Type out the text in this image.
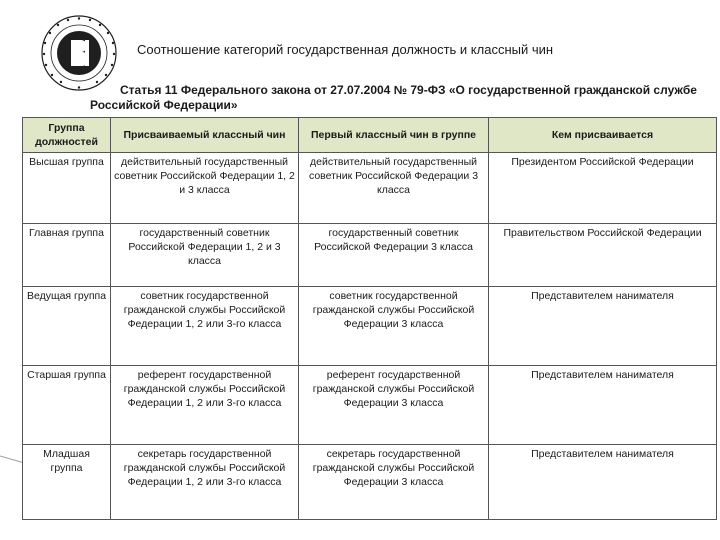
Соотношение категорий государственная должность и классный чин
Статья 11 Федерального закона от 27.07.2004 № 79-ФЗ «О государственной гражданской службе Российской Федерации»
Группа должностей	Присваиваемый классный чин	Первый классный чин в группе	Кем присваивается
Высшая группа	действительный государственный советник Российской Федерации 1, 2 и 3 класса	действительный государственный советник Российской Федерации 3 класса	Президентом Российской Федерации
Главная группа	государственный советник Российской Федерации 1, 2 и 3 класса	государственный советник Российской Федерации 3 класса	Правительством Российской Федерации
Ведущая группа	советник государственной гражданской службы Российской Федерации 1, 2 или 3-го класса	советник государственной гражданской службы Российской Федерации 3 класса	Представителем нанимателя
Старшая группа	референт государственной гражданской службы Российской Федерации 1, 2 или 3-го класса	референт государственной гражданской службы Российской Федерации 3 класса	Представителем нанимателя
Младшая группа	секретарь государственной гражданской службы Российской Федерации 1, 2 или 3-го класса	секретарь государственной гражданской службы Российской Федерации 3 класса	Представителем нанимателя
